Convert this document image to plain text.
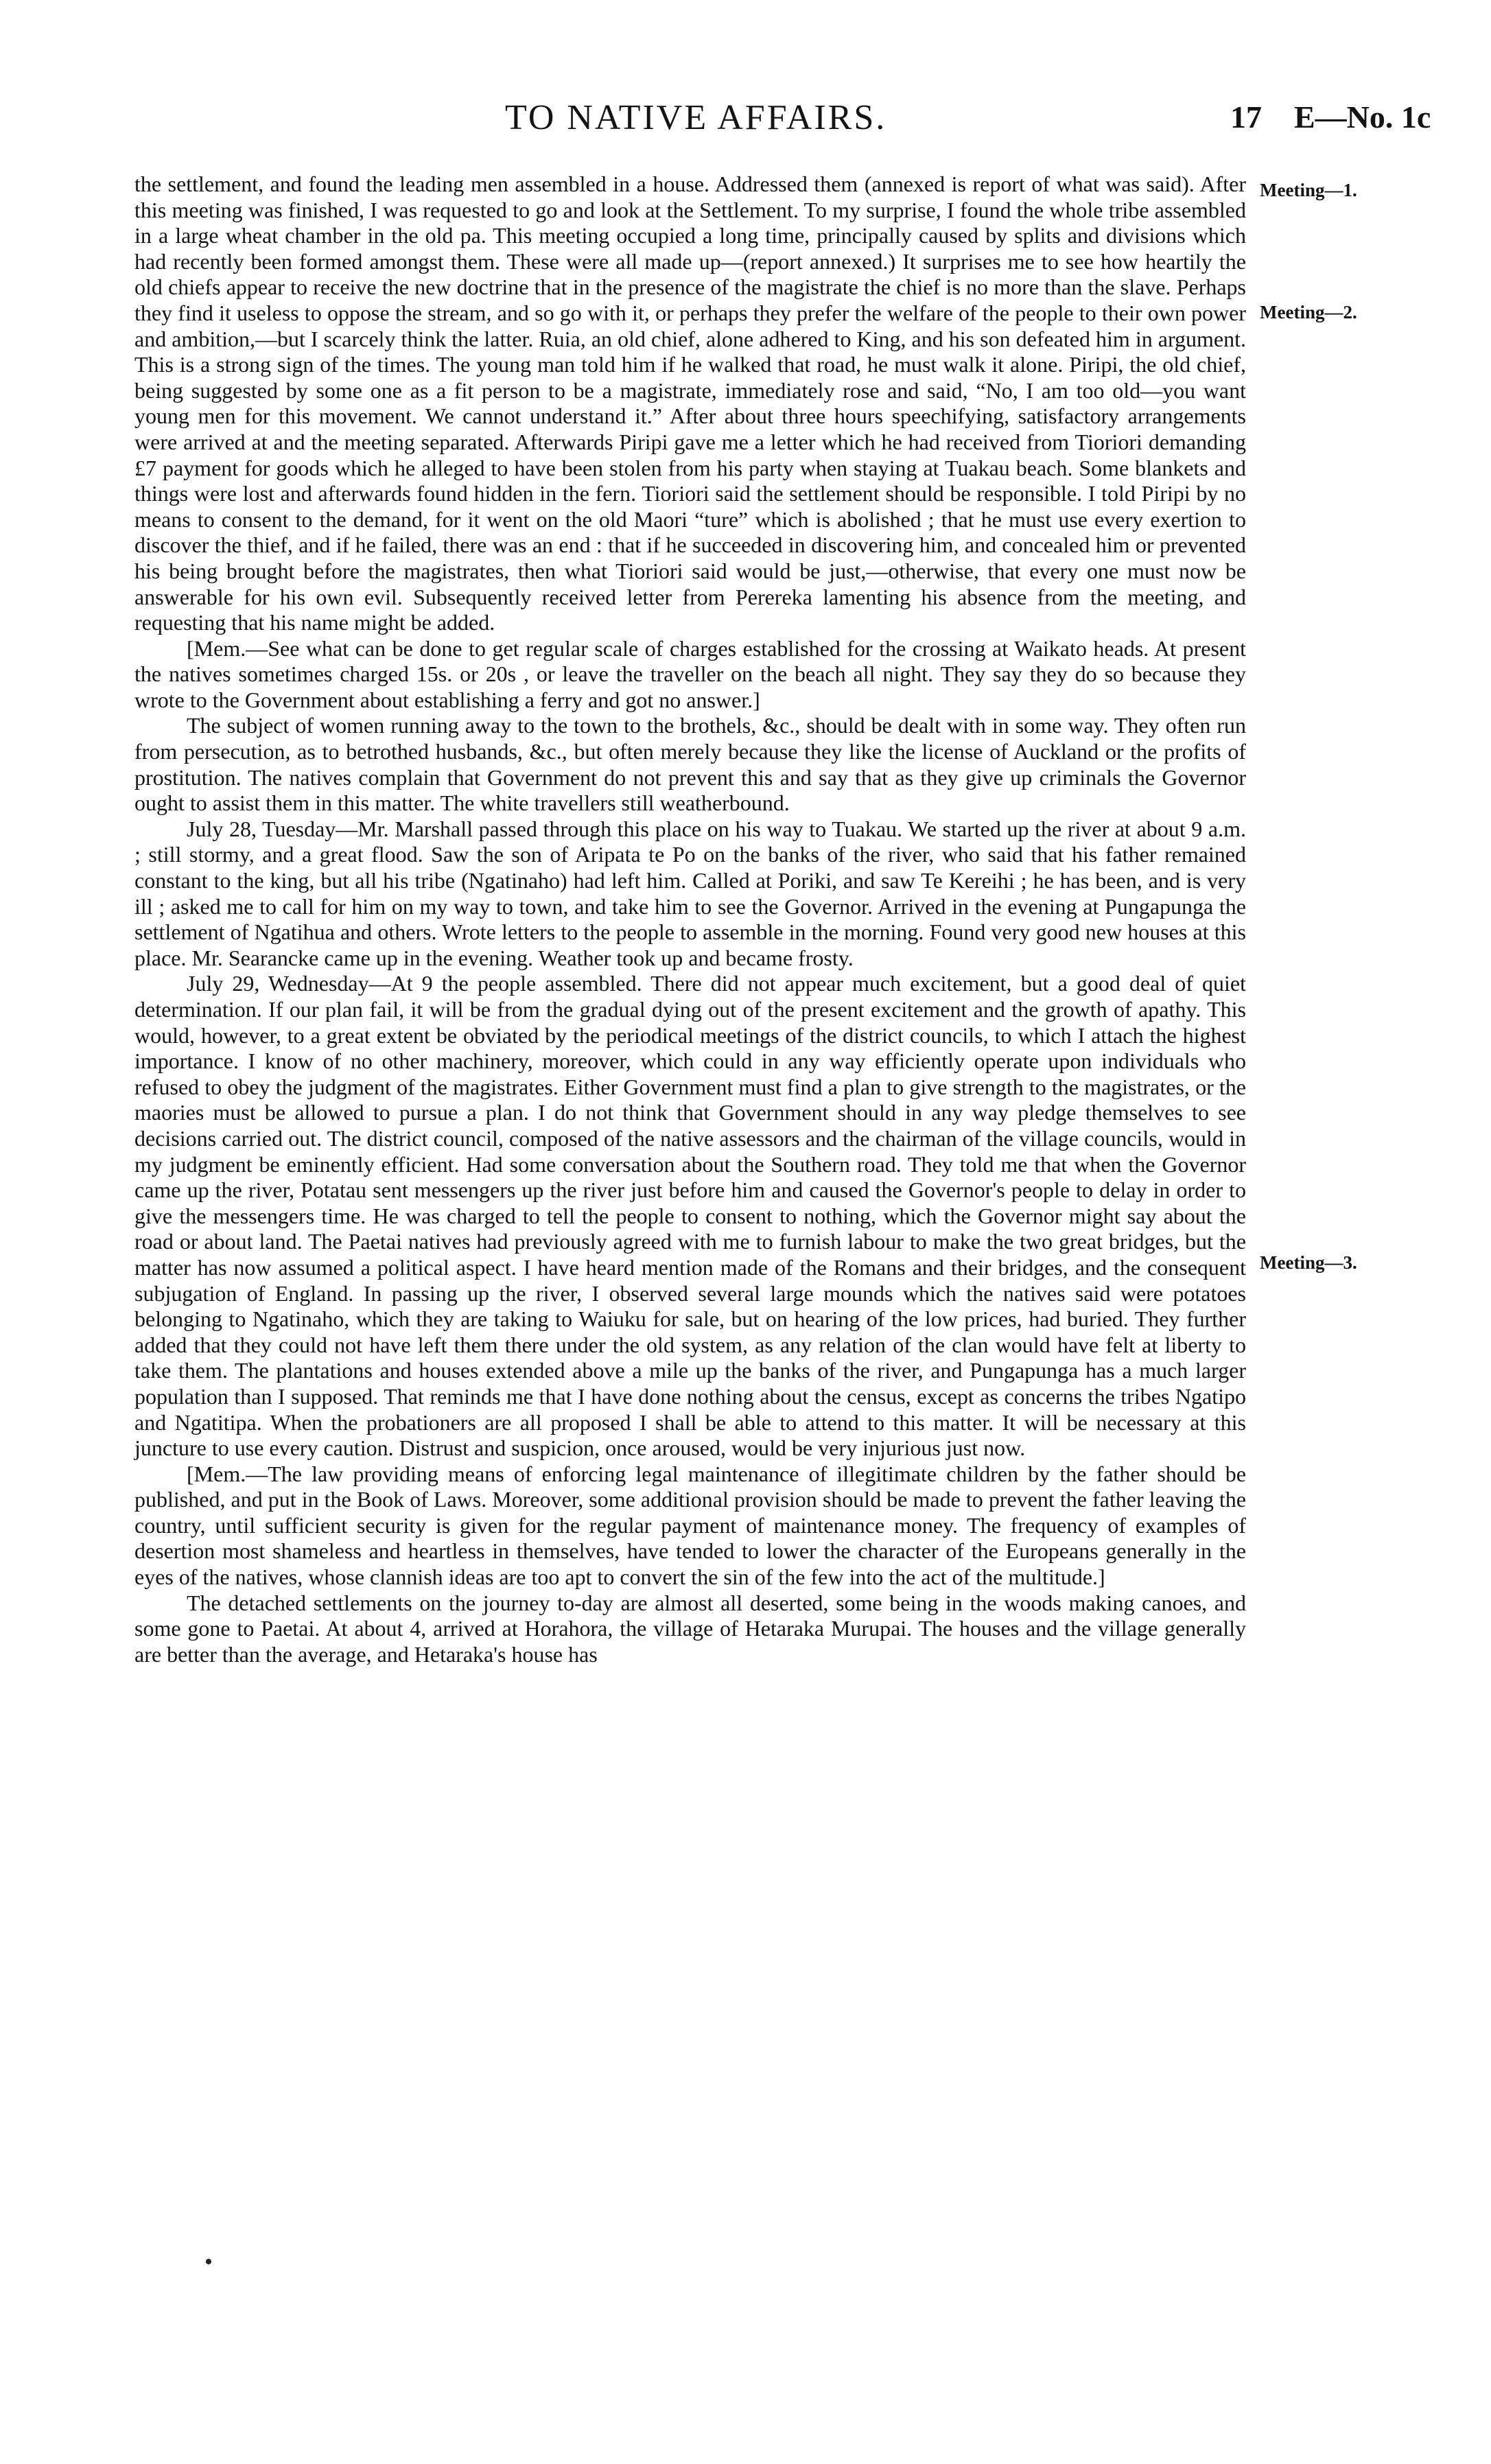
TO NATIVE AFFAIRS.	17 E—No. 1c

the settlement, and found the leading men assembled in a house. Addressed them (annexed is report of what was said). After this meeting was finished, I was requested to go and look at the Settlement. To my surprise, I found the whole tribe assembled in a large wheat chamber in the old pa. This meeting occupied a long time, principally caused by splits and divisions which had recently been formed amongst them. These were all made up—(report annexed.) It surprises me to see how heartily the old chiefs appear to receive the new doctrine that in the presence of the magistrate the chief is no more than the slave. Perhaps they find it useless to oppose the stream, and so go with it, or perhaps they prefer the welfare of the people to their own power and ambition,—but I scarcely think the latter. Ruia, an old chief, alone adhered to King, and his son defeated him in argument. This is a strong sign of the times. The young man told him if he walked that road, he must walk it alone. Piripi, the old chief, being suggested by some one as a fit person to be a magistrate, immediately rose and said, “No, I am too old—you want young men for this movement. We cannot understand it.” After about three hours speechifying, satisfactory arrangements were arrived at and the meeting separated. Afterwards Piripi gave me a letter which he had received from Tioriori demanding £7 payment for goods which he alleged to have been stolen from his party when staying at Tuakau beach. Some blankets and things were lost and afterwards found hidden in the fern. Tioriori said the settlement should be responsible. I told Piripi by no means to consent to the demand, for it went on the old Maori “ture” which is abolished ; that he must use every exertion to discover the thief, and if he failed, there was an end : that if he succeeded in discovering him, and concealed him or prevented his being brought before the magistrates, then what Tioriori said would be just,—otherwise, that every one must now be answerable for his own evil. Subsequently received letter from Perereka lamenting his absence from the meeting, and requesting that his name might be added.

[Mem.—See what can be done to get regular scale of charges established for the crossing at Waikato heads. At present the natives sometimes charged 15s. or 20s , or leave the traveller on the beach all night. They say they do so because they wrote to the Government about establishing a ferry and got no answer.]

The subject of women running away to the town to the brothels, &c., should be dealt with in some way. They often run from persecution, as to betrothed husbands, &c., but often merely because they like the license of Auckland or the profits of prostitution. The natives complain that Government do not prevent this and say that as they give up criminals the Governor ought to assist them in this matter. The white travellers still weatherbound.

July 28, Tuesday—Mr. Marshall passed through this place on his way to Tuakau. We started up the river at about 9 a.m. ; still stormy, and a great flood. Saw the son of Aripata te Po on the banks of the river, who said that his father remained constant to the king, but all his tribe (Ngatinaho) had left him. Called at Poriki, and saw Te Kereihi ; he has been, and is very ill ; asked me to call for him on my way to town, and take him to see the Governor. Arrived in the evening at Pungapunga the settlement of Ngatihua and others. Wrote letters to the people to assemble in the morning. Found very good new houses at this place. Mr. Searancke came up in the evening. Weather took up and became frosty.

July 29, Wednesday—At 9 the people assembled. There did not appear much excitement, but a good deal of quiet determination. If our plan fail, it will be from the gradual dying out of the present excitement and the growth of apathy. This would, however, to a great extent be obviated by the periodical meetings of the district councils, to which I attach the highest importance. I know of no other machinery, moreover, which could in any way efficiently operate upon individuals who refused to obey the judgment of the magistrates. Either Government must find a plan to give strength to the magistrates, or the maories must be allowed to pursue a plan. I do not think that Government should in any way pledge themselves to see decisions carried out. The district council, composed of the native assessors and the chairman of the village councils, would in my judgment be eminently efficient. Had some conversation about the Southern road. They told me that when the Governor came up the river, Potatau sent messengers up the river just before him and caused the Governor's people to delay in order to give the messengers time. He was charged to tell the people to consent to nothing, which the Governor might say about the road or about land. The Paetai natives had previously agreed with me to furnish labour to make the two great bridges, but the matter has now assumed a political aspect. I have heard mention made of the Romans and their bridges, and the consequent subjugation of England. In passing up the river, I observed several large mounds which the natives said were potatoes belonging to Ngatinaho, which they are taking to Waiuku for sale, but on hearing of the low prices, had buried. They further added that they could not have left them there under the old system, as any relation of the clan would have felt at liberty to take them. The plantations and houses extended above a mile up the banks of the river, and Pungapunga has a much larger population than I supposed. That reminds me that I have done nothing about the census, except as concerns the tribes Ngatipo and Ngatitipa. When the probationers are all proposed I shall be able to attend to this matter. It will be necessary at this juncture to use every caution. Distrust and suspicion, once aroused, would be very injurious just now.

[Mem.—The law providing means of enforcing legal maintenance of illegitimate children by the father should be published, and put in the Book of Laws. Moreover, some additional provision should be made to prevent the father leaving the country, until sufficient security is given for the regular payment of maintenance money. The frequency of examples of desertion most shameless and heartless in themselves, have tended to lower the character of the Europeans generally in the eyes of the natives, whose clannish ideas are too apt to convert the sin of the few into the act of the multitude.]

The detached settlements on the journey to-day are almost all deserted, some being in the woods making canoes, and some gone to Paetai. At about 4, arrived at Horahora, the village of Hetaraka Murupai. The houses and the village generally are better than the average, and Hetaraka's house has

Meeting—1.
Meeting—2.
Meeting—3.
